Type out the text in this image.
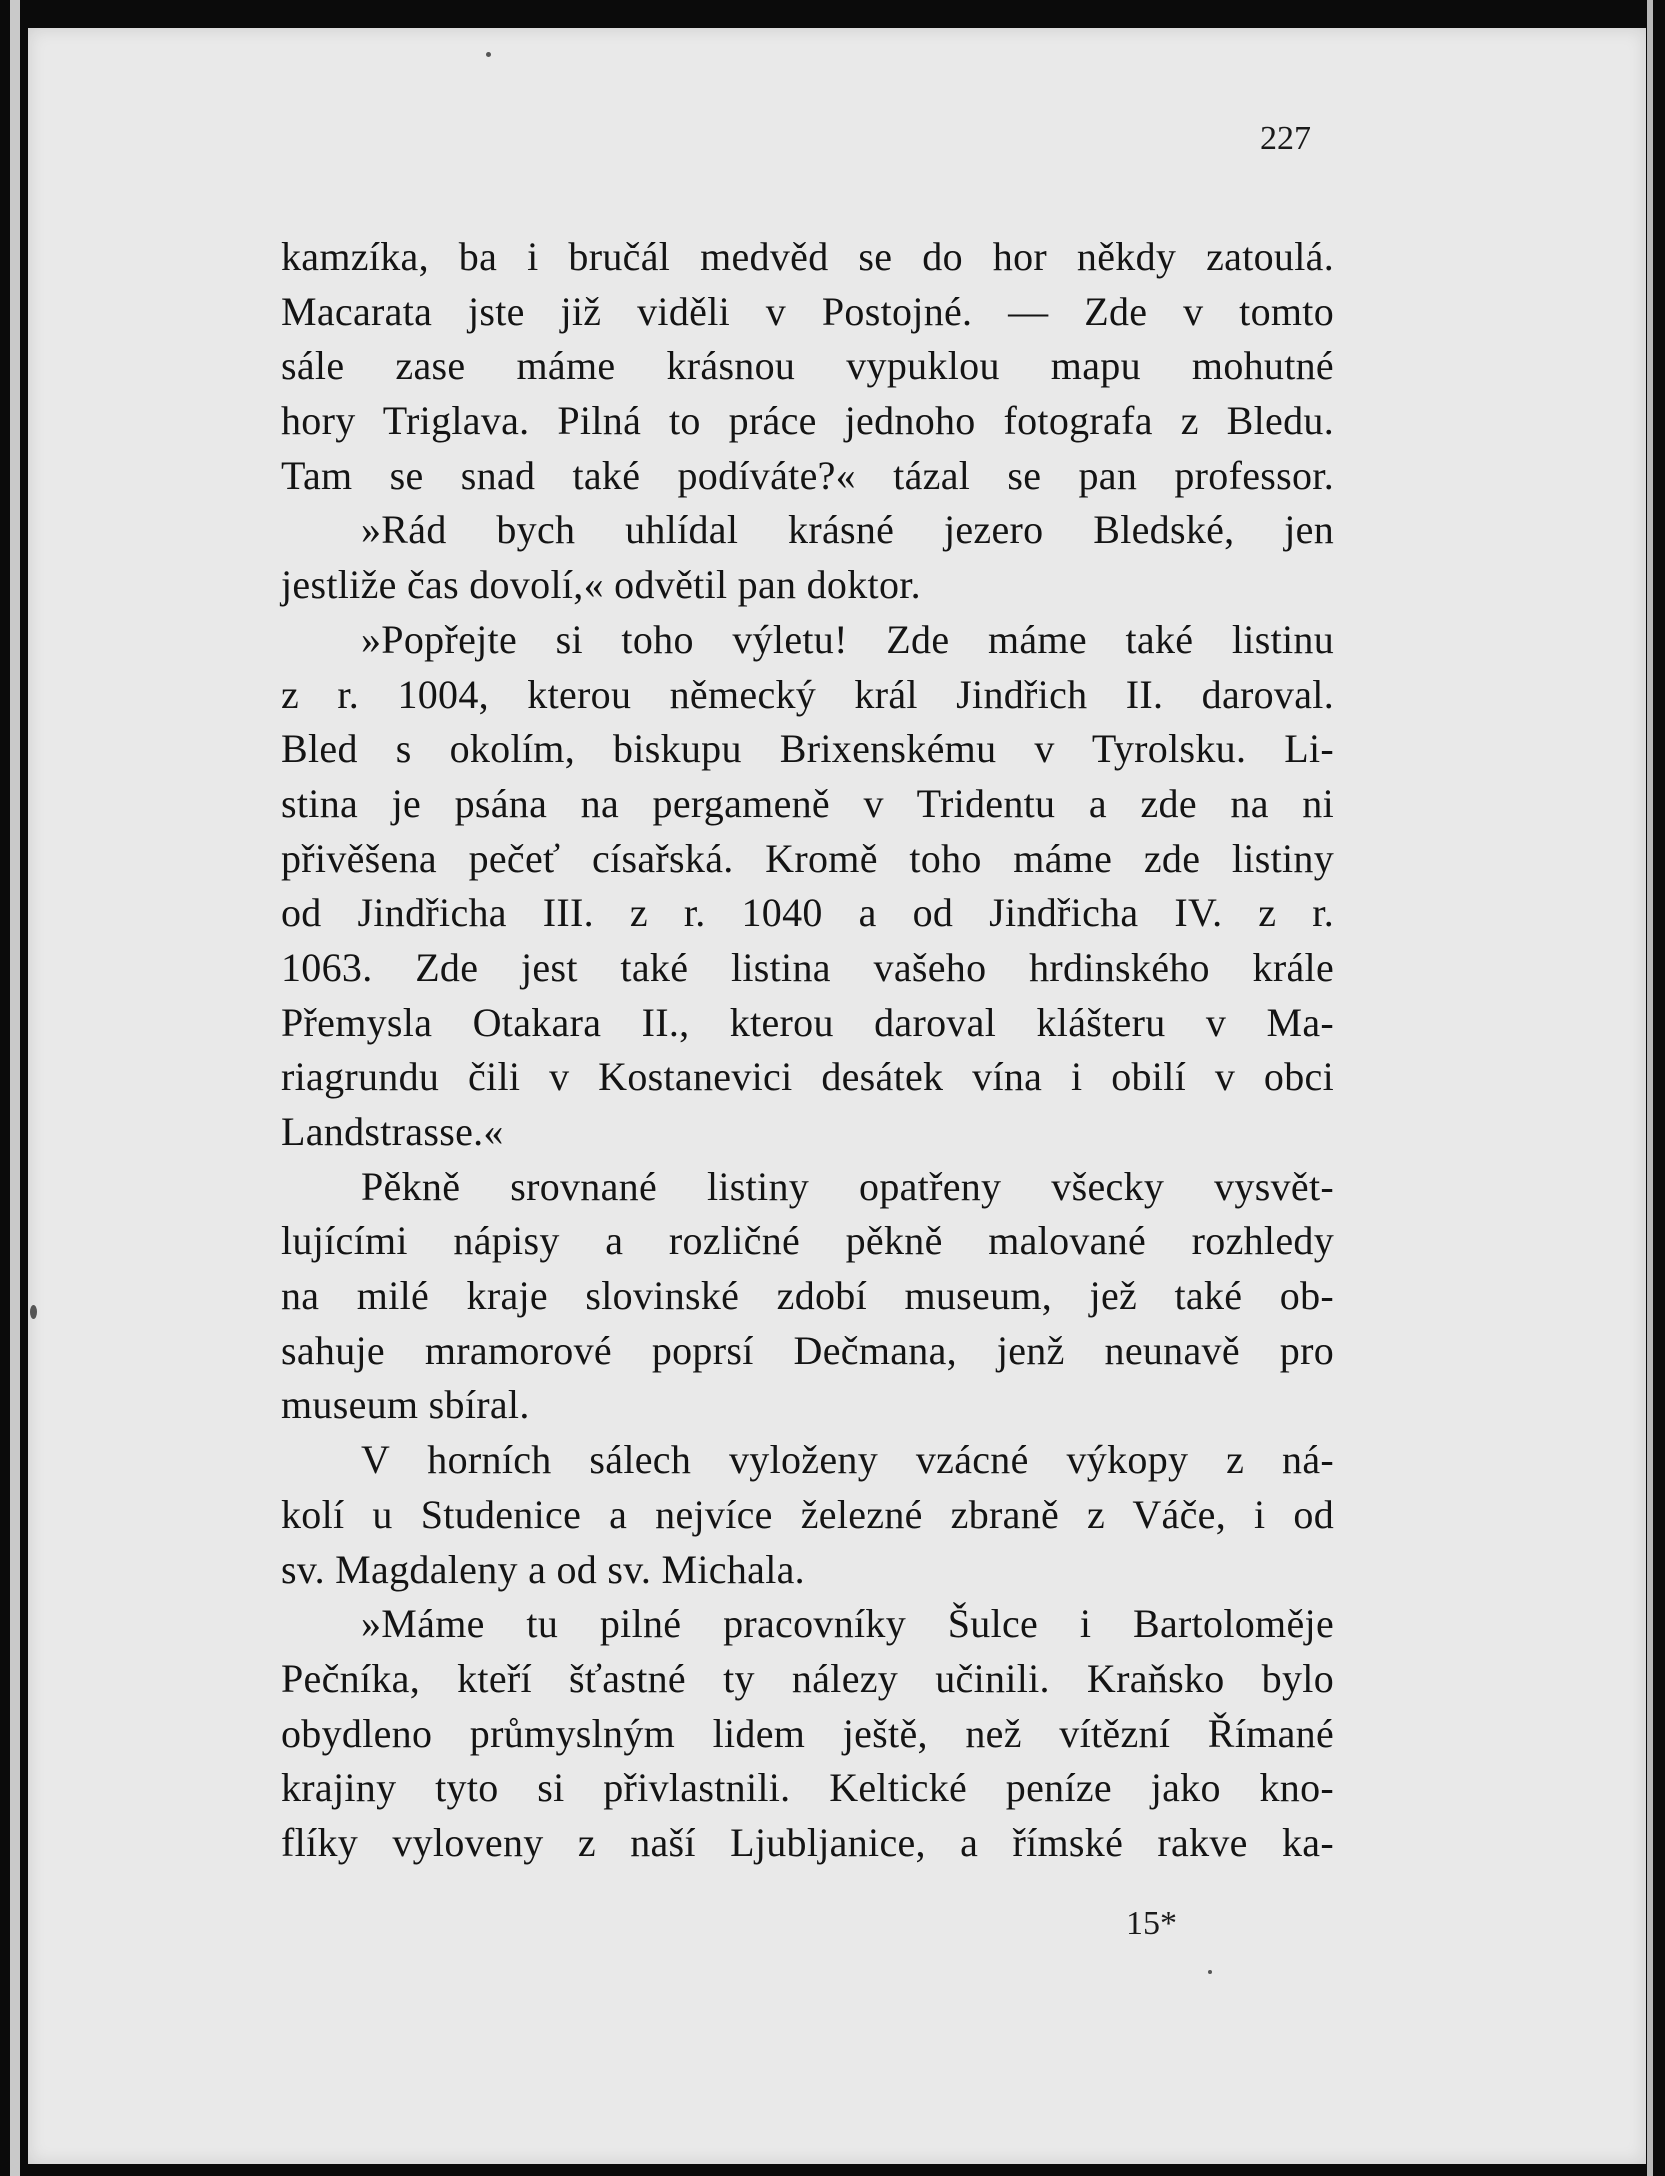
227
kamzíka, ba i bručál medvěd se do hor někdy zatoulá.
Macarata jste již viděli v Postojné. — Zde v tomto
sále zase máme krásnou vypuklou mapu mohutné
hory Triglava. Pilná to práce jednoho fotografa z Bledu.
Tam se snad také podíváte?« tázal se pan professor.
»Rád bych uhlídal krásné jezero Bledské, jen
jestliže čas dovolí,« odvětil pan doktor.
»Popřejte si toho výletu! Zde máme také listinu
z r. 1004, kterou německý král Jindřich II. daroval.
Bled s okolím, biskupu Brixenskému v Tyrolsku. Li-
stina je psána na pergameně v Tridentu a zde na ni
přivěšena pečeť císařská. Kromě toho máme zde listiny
od Jindřicha III. z r. 1040 a od Jindřicha IV. z r.
1063. Zde jest také listina vašeho hrdinského krále
Přemysla Otakara II., kterou daroval klášteru v Ma-
riagrundu čili v Kostanevici desátek vína i obilí v obci
Landstrasse.«
Pěkně srovnané listiny opatřeny všecky vysvět-
lujícími nápisy a rozličné pěkně malované rozhledy
na milé kraje slovinské zdobí museum, jež také ob-
sahuje mramorové poprsí Dečmana, jenž neunavě pro
museum sbíral.
V horních sálech vyloženy vzácné výkopy z ná-
kolí u Studenice a nejvíce železné zbraně z Váče, i od
sv. Magdaleny a od sv. Michala.
»Máme tu pilné pracovníky Šulce i Bartoloměje
Pečníka, kteří šťastné ty nálezy učinili. Kraňsko bylo
obydleno průmyslným lidem ještě, než vítězní Římané
krajiny tyto si přivlastnili. Keltické peníze jako kno-
flíky vyloveny z naší Ljubljanice, a římské rakve ka-
15*
